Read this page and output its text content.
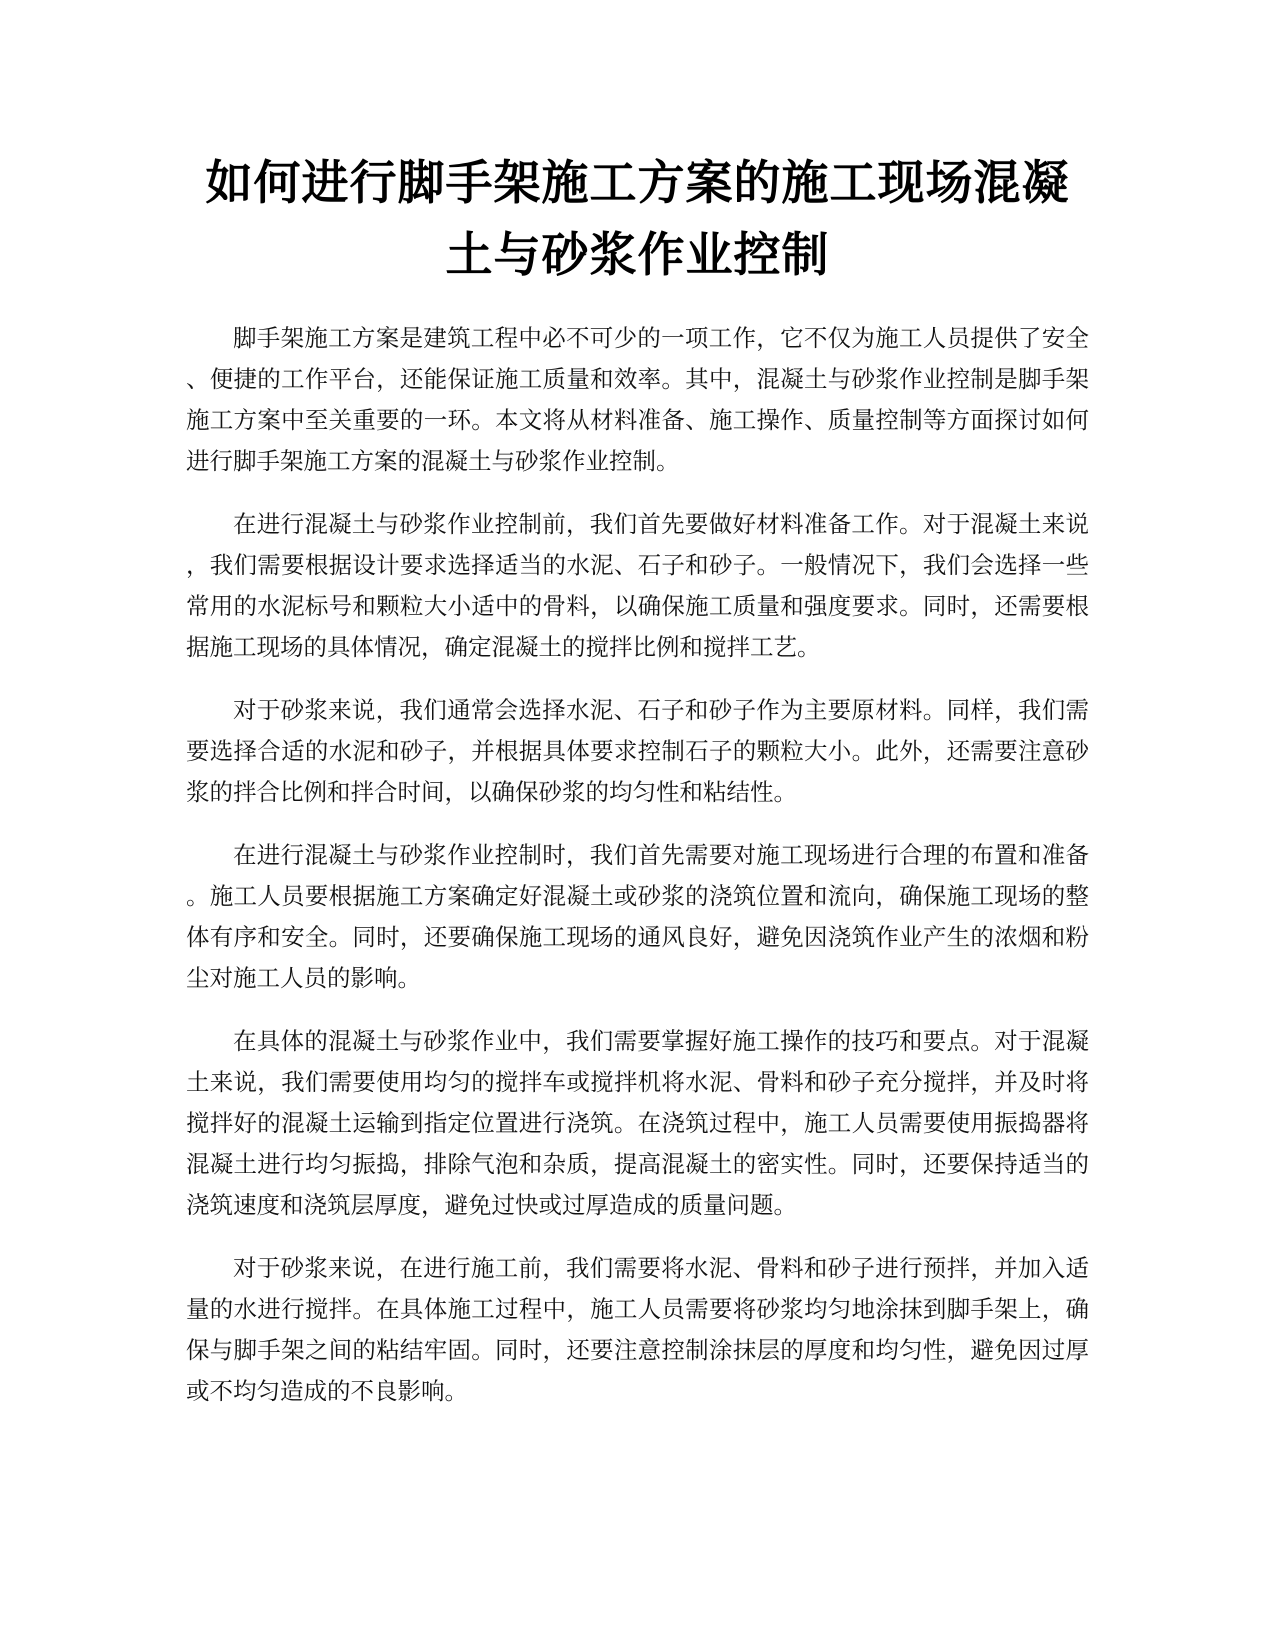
如何进行脚手架施工方案的施工现场混凝土与砂浆作业控制

脚手架施工方案是建筑工程中必不可少的一项工作，它不仅为施工人员提供了安全、便捷的工作平台，还能保证施工质量和效率。其中，混凝土与砂浆作业控制是脚手架施工方案中至关重要的一环。本文将从材料准备、施工操作、质量控制等方面探讨如何进行脚手架施工方案的混凝土与砂浆作业控制。

在进行混凝土与砂浆作业控制前，我们首先要做好材料准备工作。对于混凝土来说，我们需要根据设计要求选择适当的水泥、石子和砂子。一般情况下，我们会选择一些常用的水泥标号和颗粒大小适中的骨料，以确保施工质量和强度要求。同时，还需要根据施工现场的具体情况，确定混凝土的搅拌比例和搅拌工艺。

对于砂浆来说，我们通常会选择水泥、石子和砂子作为主要原材料。同样，我们需要选择合适的水泥和砂子，并根据具体要求控制石子的颗粒大小。此外，还需要注意砂浆的拌合比例和拌合时间，以确保砂浆的均匀性和粘结性。

在进行混凝土与砂浆作业控制时，我们首先需要对施工现场进行合理的布置和准备。施工人员要根据施工方案确定好混凝土或砂浆的浇筑位置和流向，确保施工现场的整体有序和安全。同时，还要确保施工现场的通风良好，避免因浇筑作业产生的浓烟和粉尘对施工人员的影响。

在具体的混凝土与砂浆作业中，我们需要掌握好施工操作的技巧和要点。对于混凝土来说，我们需要使用均匀的搅拌车或搅拌机将水泥、骨料和砂子充分搅拌，并及时将搅拌好的混凝土运输到指定位置进行浇筑。在浇筑过程中，施工人员需要使用振捣器将混凝土进行均匀振捣，排除气泡和杂质，提高混凝土的密实性。同时，还要保持适当的浇筑速度和浇筑层厚度，避免过快或过厚造成的质量问题。

对于砂浆来说，在进行施工前，我们需要将水泥、骨料和砂子进行预拌，并加入适量的水进行搅拌。在具体施工过程中，施工人员需要将砂浆均匀地涂抹到脚手架上，确保与脚手架之间的粘结牢固。同时，还要注意控制涂抹层的厚度和均匀性，避免因过厚或不均匀造成的不良影响。
